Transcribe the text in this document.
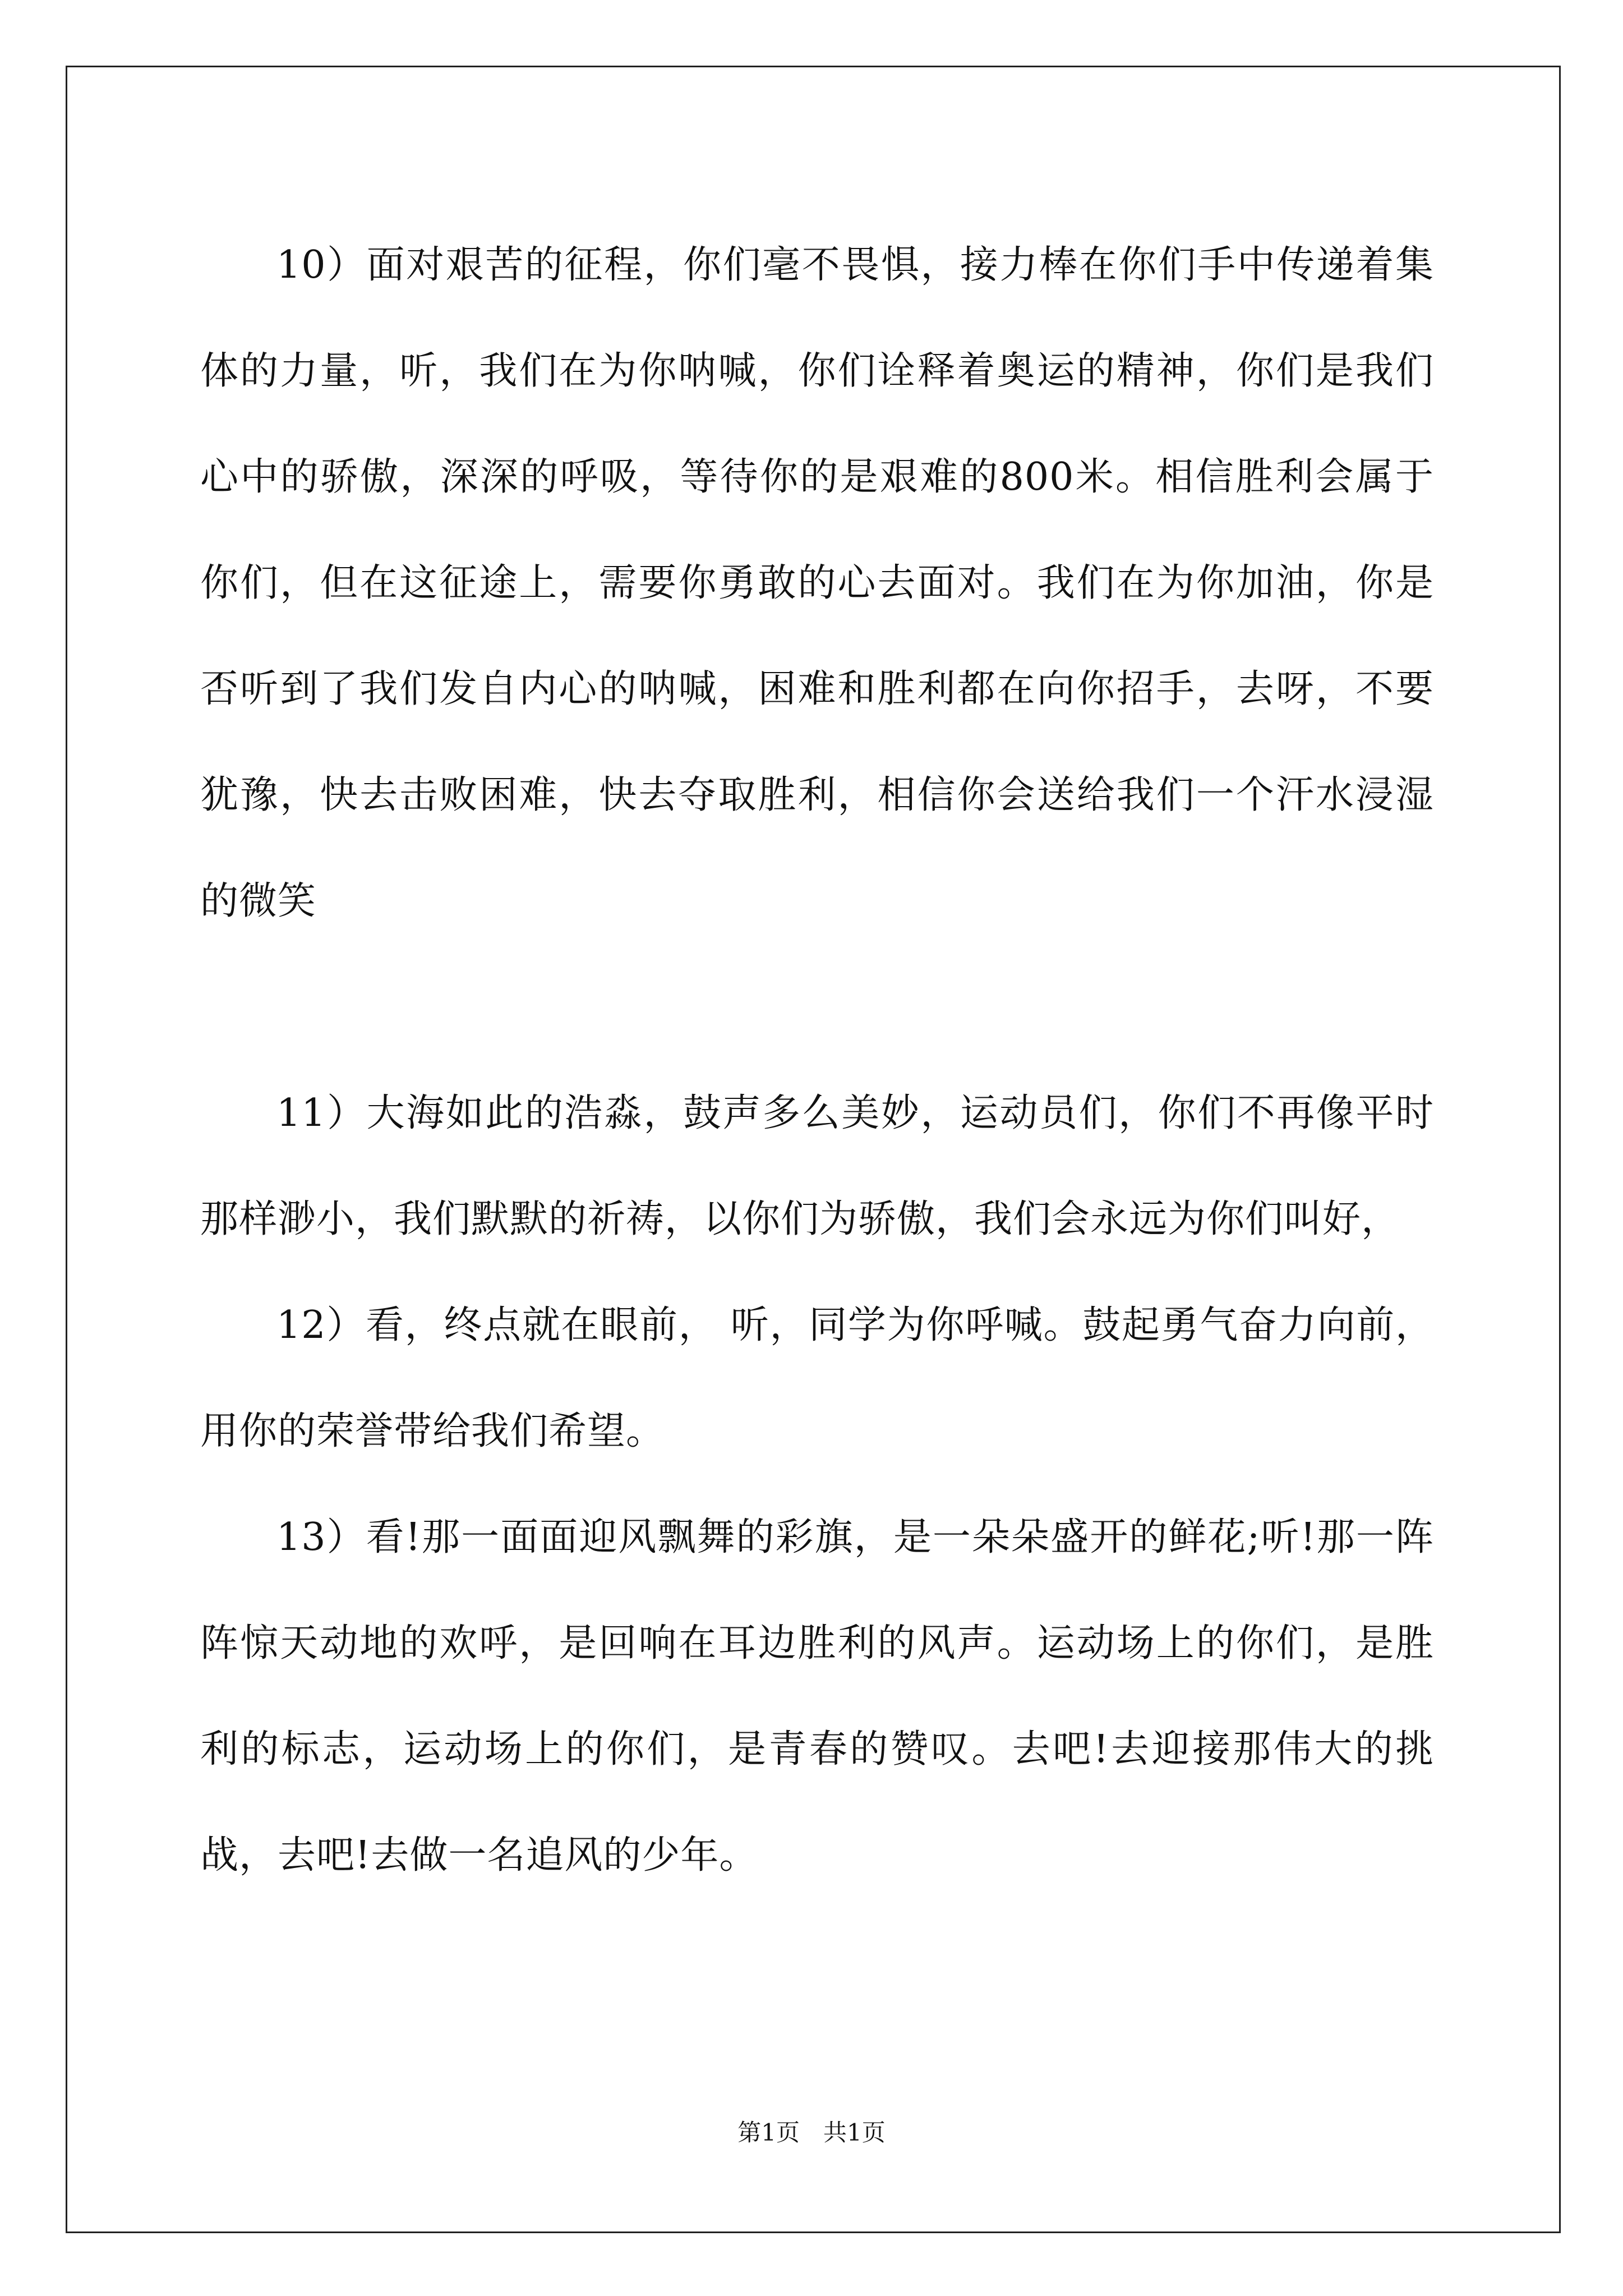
10）面对艰苦的征程，你们毫不畏惧，接力棒在你们手中传递着集体的力量，听，我们在为你呐喊，你们诠释着奥运的精神，你们是我们心中的骄傲，深深的呼吸，等待你的是艰难的800米。相信胜利会属于你们，但在这征途上，需要你勇敢的心去面对。我们在为你加油，你是否听到了我们发自内心的呐喊，困难和胜利都在向你招手，去呀，不要犹豫，快去击败困难，快去夺取胜利，相信你会送给我们一个汗水浸湿的微笑

11）大海如此的浩淼，鼓声多么美妙，运动员们，你们不再像平时那样渺小，我们默默的祈祷，以你们为骄傲，我们会永远为你们叫好，

12）看，终点就在眼前， 听，同学为你呼喊。鼓起勇气奋力向前，用你的荣誉带给我们希望。

13）看!那一面面迎风飘舞的彩旗，是一朵朵盛开的鲜花;听!那一阵阵惊天动地的欢呼，是回响在耳边胜利的风声。运动场上的你们，是胜利的标志，运动场上的你们，是青春的赞叹。去吧!去迎接那伟大的挑战，去吧!去做一名追风的少年。

第1页　共1页
